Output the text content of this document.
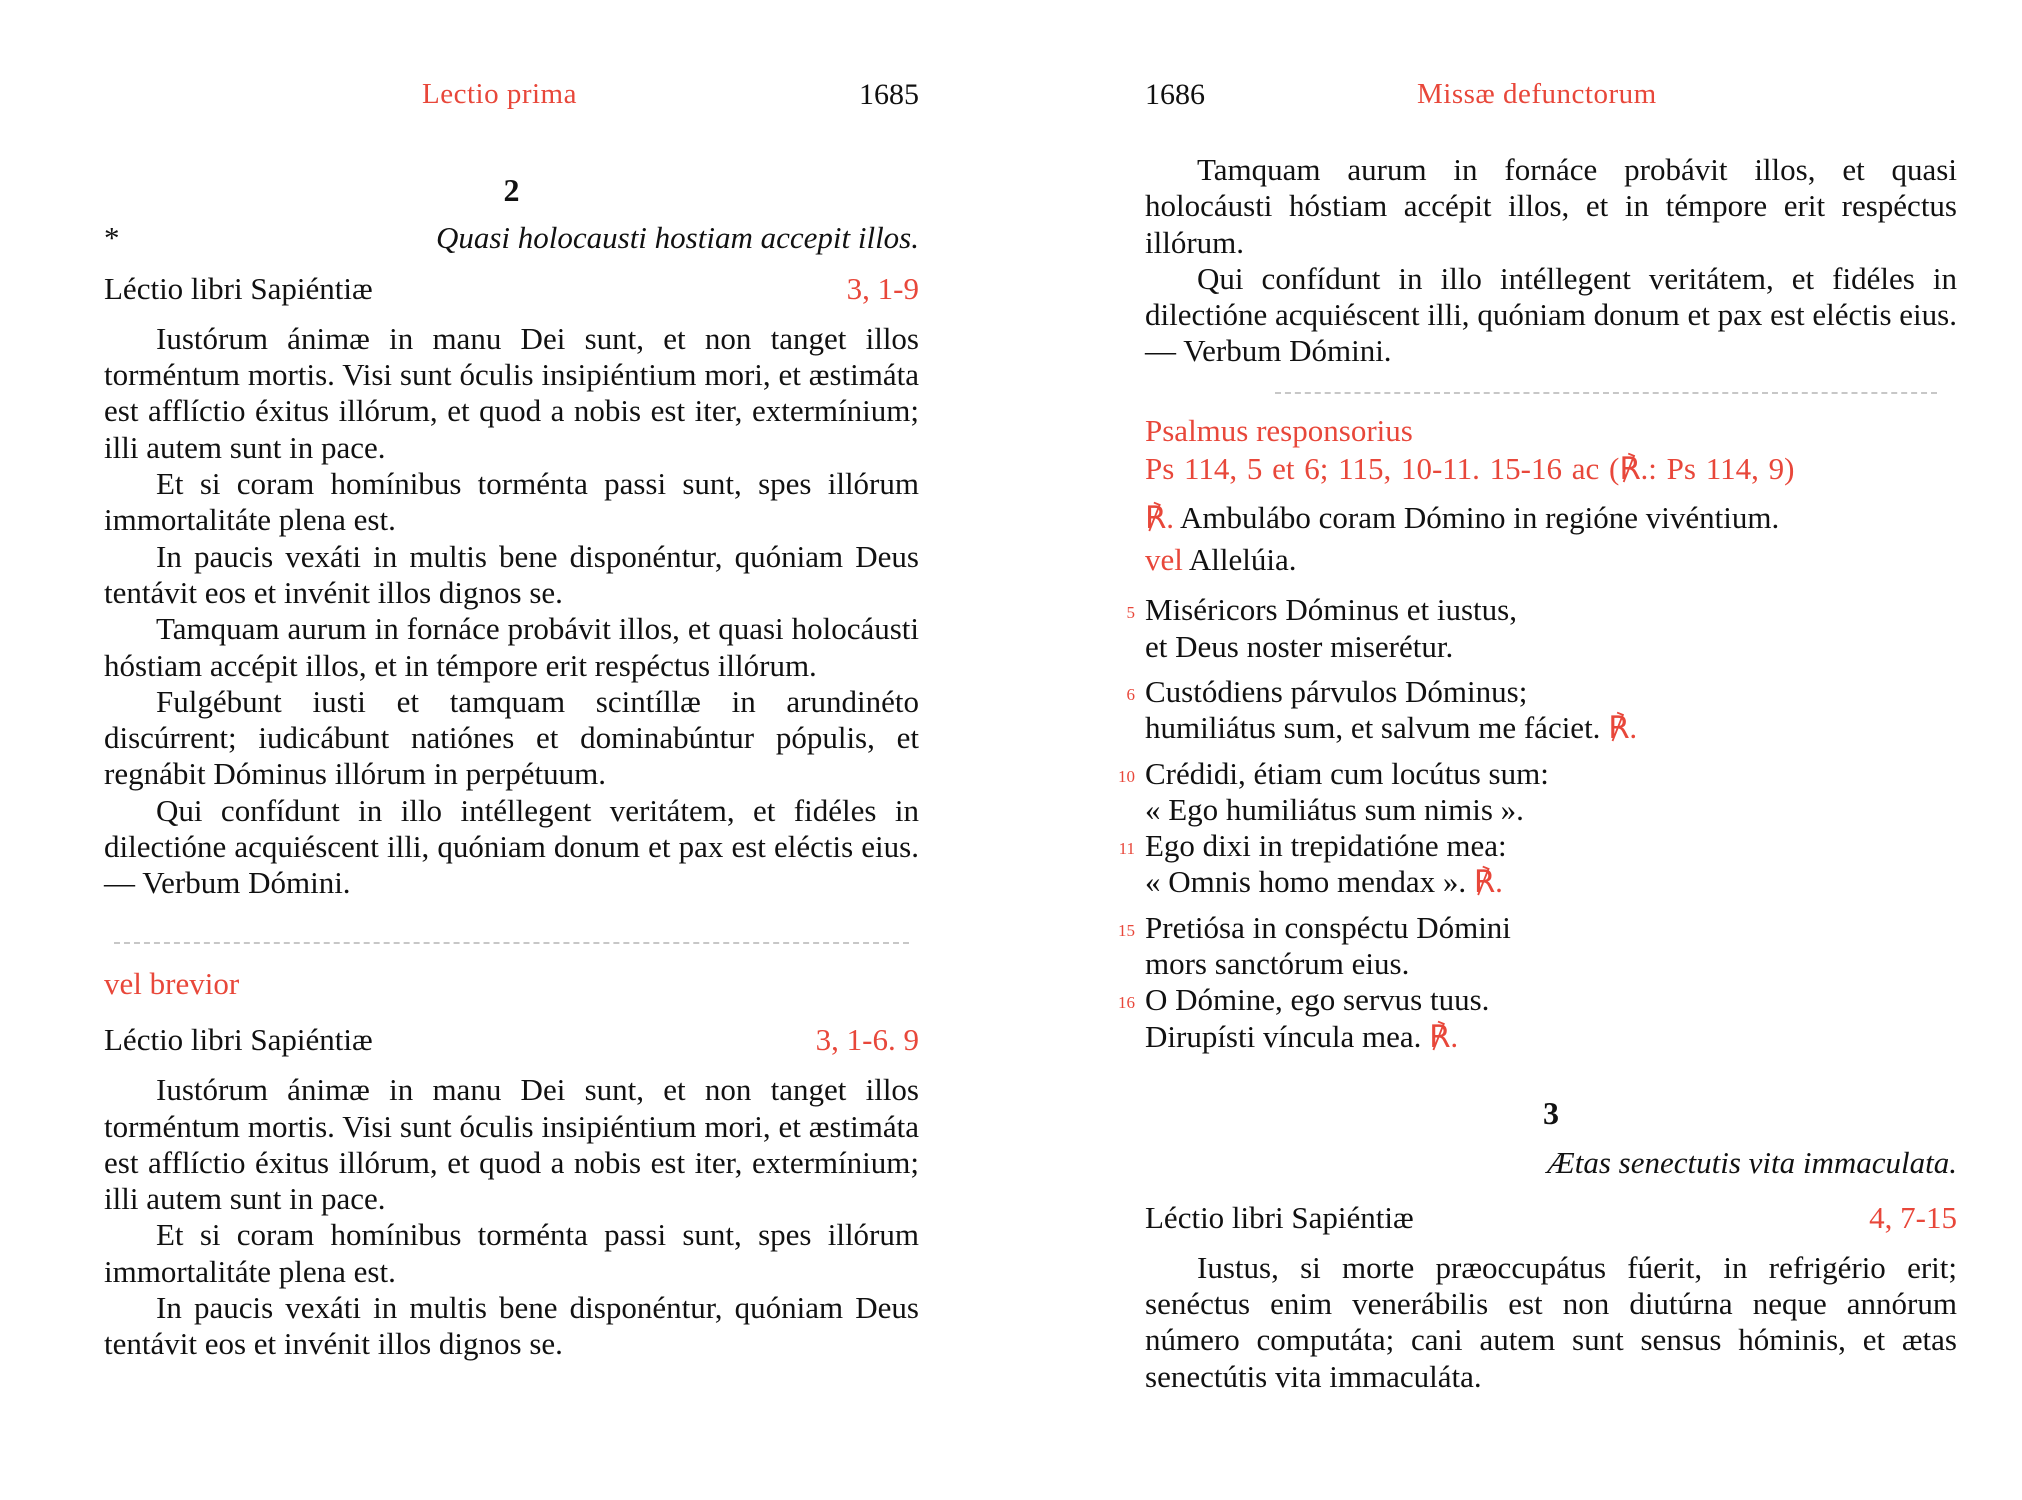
Lectio prima	1685
2
*	Quasi holocausti hostiam accepit illos.
Léctio libri Sapiéntiæ	3, 1-9

Iustórum ánimæ in manu Dei sunt, et non tanget illos torméntum mortis. Visi sunt óculis insipiéntium mori, et æstimáta est afflíctio éxitus illórum, et quod a nobis est iter, extermínium; illi autem sunt in pace.

Et si coram homínibus torménta passi sunt, spes illórum immortalitáte plena est.

In paucis vexáti in multis bene disponéntur, quóniam Deus tentávit eos et invénit illos dignos se.

Tamquam aurum in fornáce probávit illos, et quasi holocáusti hóstiam accépit illos, et in témpore erit respéctus illórum.

Fulgébunt iusti et tamquam scintíllæ in arundinéto discúrrent; iudicábunt natiónes et dominabúntur pópulis, et regnábit Dóminus illórum in perpétuum.

Qui confídunt in illo intéllegent veritátem, et fidéles in dilectióne acquiéscent illi, quóniam donum et pax est eléctis eius. — Verbum Dómini.

vel brevior
Léctio libri Sapiéntiæ	3, 1-6. 9

Iustórum ánimæ in manu Dei sunt, et non tanget illos torméntum mortis. Visi sunt óculis insipiéntium mori, et æstimáta est afflíctio éxitus illórum, et quod a nobis est iter, extermínium; illi autem sunt in pace.

Et si coram homínibus torménta passi sunt, spes illórum immortalitáte plena est.

In paucis vexáti in multis bene disponéntur, quóniam Deus tentávit eos et invénit illos dignos se.

1686	Missæ defunctorum

Tamquam aurum in fornáce probávit illos, et quasi holocáusti hóstiam accépit illos, et in témpore erit respéctus illórum.

Qui confídunt in illo intéllegent veritátem, et fidéles in dilectióne acquiéscent illi, quóniam donum et pax est eléctis eius. — Verbum Dómini.

Psalmus responsorius
Ps 114, 5 et 6; 115, 10-11. 15-16 ac (℟.: Ps 114, 9)
℟. Ambulábo coram Dómino in regióne vivéntium.
vel Allelúia.
5 Miséricors Dóminus et iustus,
et Deus noster miserétur.
6 Custódiens párvulos Dóminus;
humiliátus sum, et salvum me fáciet. ℟.
10 Crédidi, étiam cum locútus sum:
« Ego humiliátus sum nimis ».
11 Ego dixi in trepidatióne mea:
« Omnis homo mendax ». ℟.
15 Pretiósa in conspéctu Dómini
mors sanctórum eius.
16 O Dómine, ego servus tuus.
Dirupísti víncula mea. ℟.
3
Ætas senectutis vita immaculata.
Léctio libri Sapiéntiæ	4, 7-15

Iustus, si morte præoccupátus fúerit, in refrigério erit; senéctus enim venerábilis est non diutúrna neque annórum número computáta; cani autem sunt sensus hóminis, et ætas senectútis vita immaculáta.
